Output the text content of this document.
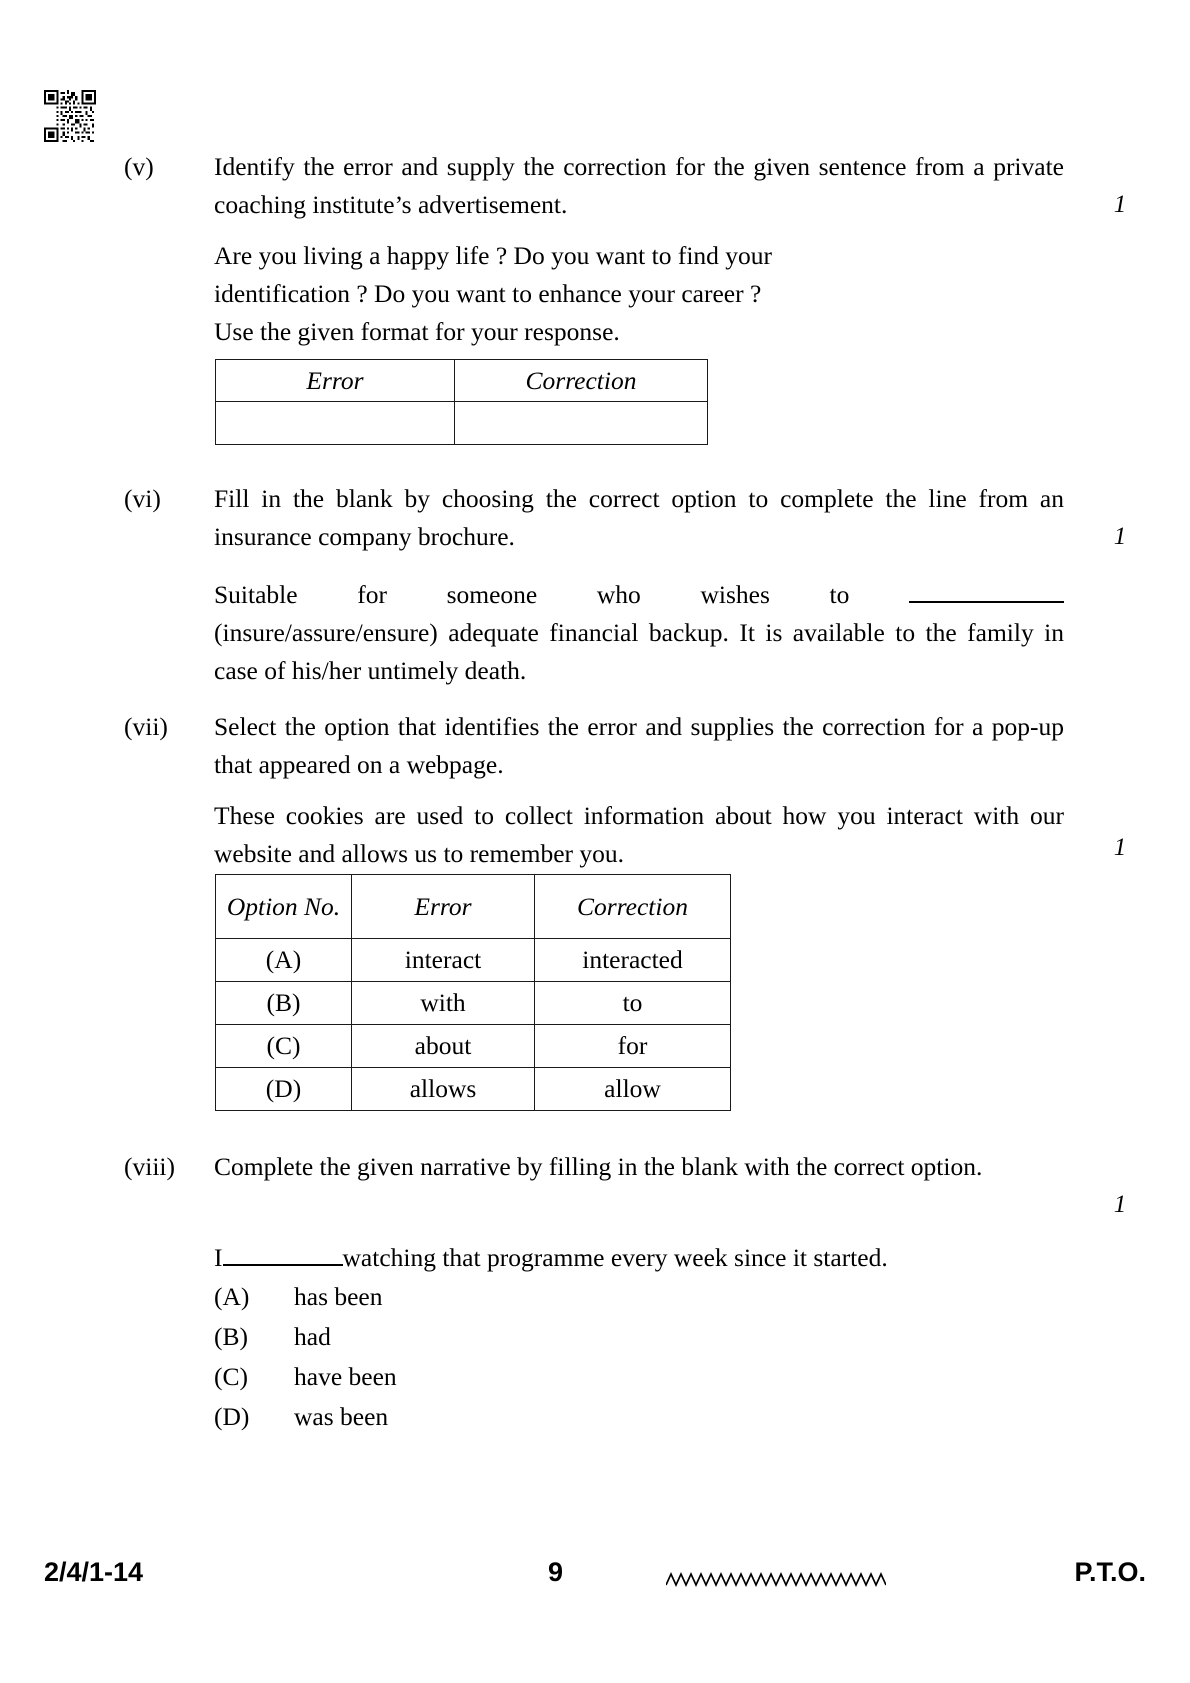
(v)	Identify the error and supply the correction for the given sentence from a private coaching institute’s advertisement.

Are you living a happy life ? Do you want to find your

identification ? Do you want to enhance your career ?

Use the given format for your response.

1
Error	Correction

(vi)	Fill in the blank by choosing the correct option to complete the line from an insurance company brochure.

Suitable for someone who wishes to

(insure/assure/ensure) adequate financial backup. It is available to the family in case of his/her untimely death.

1
(vii)	Select the option that identifies the error and supplies the correction for a pop-up that appeared on a webpage.

These cookies are used to collect information about how you interact with our website and allows us to remember you.	1
Option No.	Error	Correction
(A)	interact	interacted
(B)	with	to
(C)	about	for
(D)	allows	allow
(viii)	Complete the given narrative by filling in the blank with the correct option.

1
I	watching that programme every week since it started.
(A)	has been
(B)	had
(C)	have been
(D)	was been
2/4/1-14	9	P.T.O.
